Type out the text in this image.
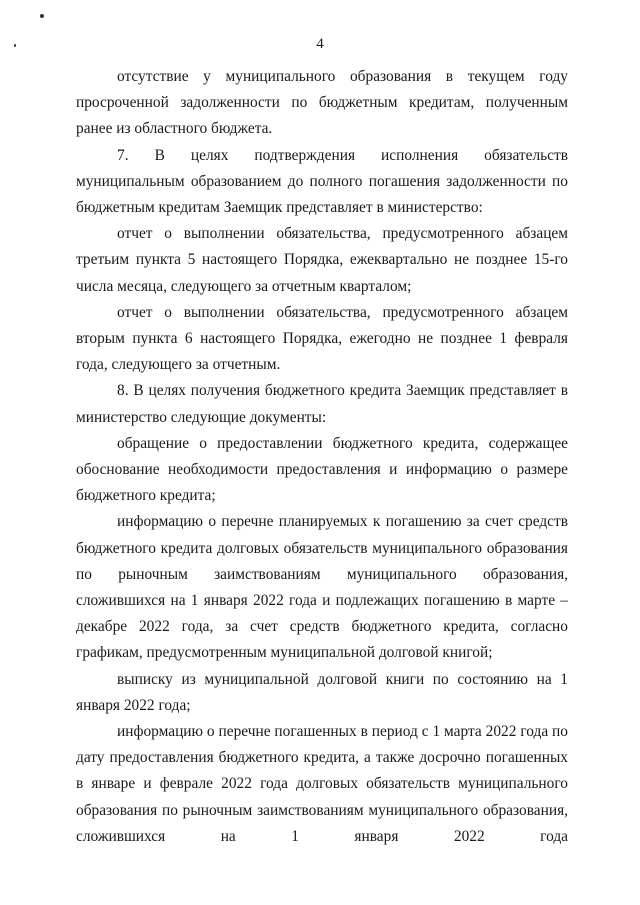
4

отсутствие у муниципального образования в текущем году просроченной задолженности по бюджетным кредитам, полученным ранее из областного бюджета.

7. В целях подтверждения исполнения обязательств муниципальным образованием до полного погашения задолженности по бюджетным кредитам Заемщик представляет в министерство:

отчет о выполнении обязательства, предусмотренного абзацем третьим пункта 5 настоящего Порядка, ежеквартально не позднее 15-го числа месяца, следующего за отчетным кварталом;

отчет о выполнении обязательства, предусмотренного абзацем вторым пункта 6 настоящего Порядка, ежегодно не позднее 1 февраля года, следующего за отчетным.

8. В целях получения бюджетного кредита Заемщик представляет в министерство следующие документы:

обращение о предоставлении бюджетного кредита, содержащее обоснование необходимости предоставления и информацию о размере бюджетного кредита;

информацию о перечне планируемых к погашению за счет средств бюджетного кредита долговых обязательств муниципального образования по рыночным заимствованиям муниципального образования, сложившихся на 1 января 2022 года и подлежащих погашению в марте – декабре 2022 года, за счет средств бюджетного кредита, согласно графикам, предусмотренным муниципальной долговой книгой;

выписку из муниципальной долговой книги по состоянию на 1 января 2022 года;

информацию о перечне погашенных в период с 1 марта 2022 года по дату предоставления бюджетного кредита, а также досрочно погашенных в январе и феврале 2022 года долговых обязательств муниципального образования по рыночным заимствованиям муниципального образования, сложившихся на 1 января 2022 года
